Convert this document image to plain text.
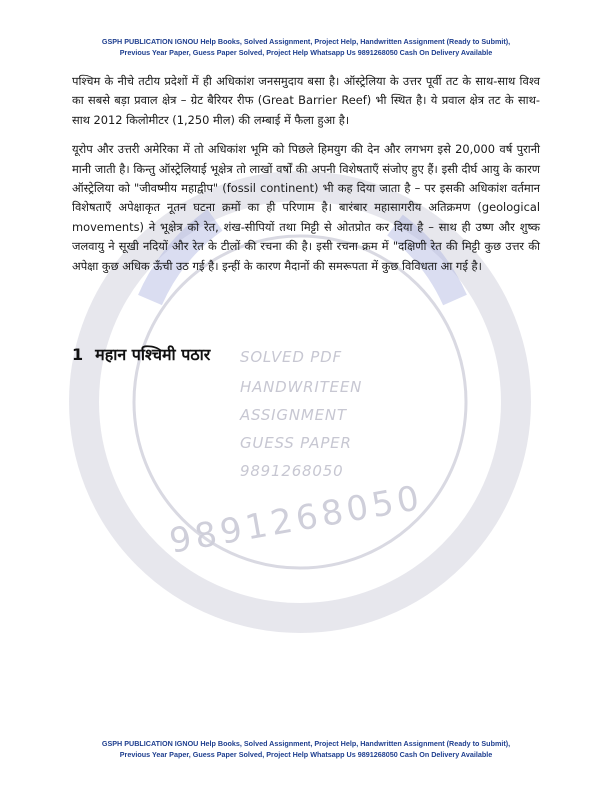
SOLVED PDF
HANDWRITEEN
ASSIGNMENT
GUESS PAPER
9891268050
9891268050
GSPH PUBLICATION IGNOU Help Books, Solved Assignment, Project Help, Handwritten Assignment (Ready to Submit),
Previous Year Paper, Guess Paper Solved, Project Help Whatsapp Us 9891268050 Cash On Delivery Available

पश्चिम के नीचे तटीय प्रदेशों में ही अधिकांश जनसमुदाय बसा है। ऑस्ट्रेलिया के उत्तर पूर्वी तट के साथ-साथ विश्व का सबसे बड़ा प्रवाल क्षेत्र – ग्रेट बैरियर रीफ (Great Barrier Reef) भी स्थित है। ये प्रवाल क्षेत्र तट के साथ-साथ 2012 किलोमीटर (1,250 मील) की लम्बाई में फैला हुआ है।

यूरोप और उत्तरी अमेरिका में तो अधिकांश भूमि को पिछले हिमयुग की देन और लगभग इसे 20,000 वर्ष पुरानी मानी जाती है। किन्तु ऑस्ट्रेलियाई भूक्षेत्र तो लाखों वर्षों की अपनी विशेषताएँ संजोए हुए हैं। इसी दीर्घ आयु के कारण ऑस्ट्रेलिया को "जीवष्मीय महाद्वीप" (fossil continent) भी कह दिया जाता है – पर इसकी अधिकांश वर्तमान विशेषताएँ अपेक्षाकृत नूतन घटना क्रमों का ही परिणाम है। बारंबार महासागरीय अतिक्रमण (geological movements) ने भूक्षेत्र को रेत, शंख-सीपियों तथा मिट्टी से ओतप्रोत कर दिया है – साथ ही उष्ण और शुष्क जलवायु ने सूखी नदियों और रेत के टीलों की रचना की है। इसी रचना क्रम में "दक्षिणी रेत की मिट्टी कुछ उत्तर की अपेक्षा कुछ अधिक ऊँची उठ गई है। इन्हीं के कारण मैदानों की समरूपता में कुछ विविधता आ गई है।

1 महान पश्चिमी पठार
GSPH PUBLICATION IGNOU Help Books, Solved Assignment, Project Help, Handwritten Assignment (Ready to Submit),
Previous Year Paper, Guess Paper Solved, Project Help Whatsapp Us 9891268050 Cash On Delivery Available
